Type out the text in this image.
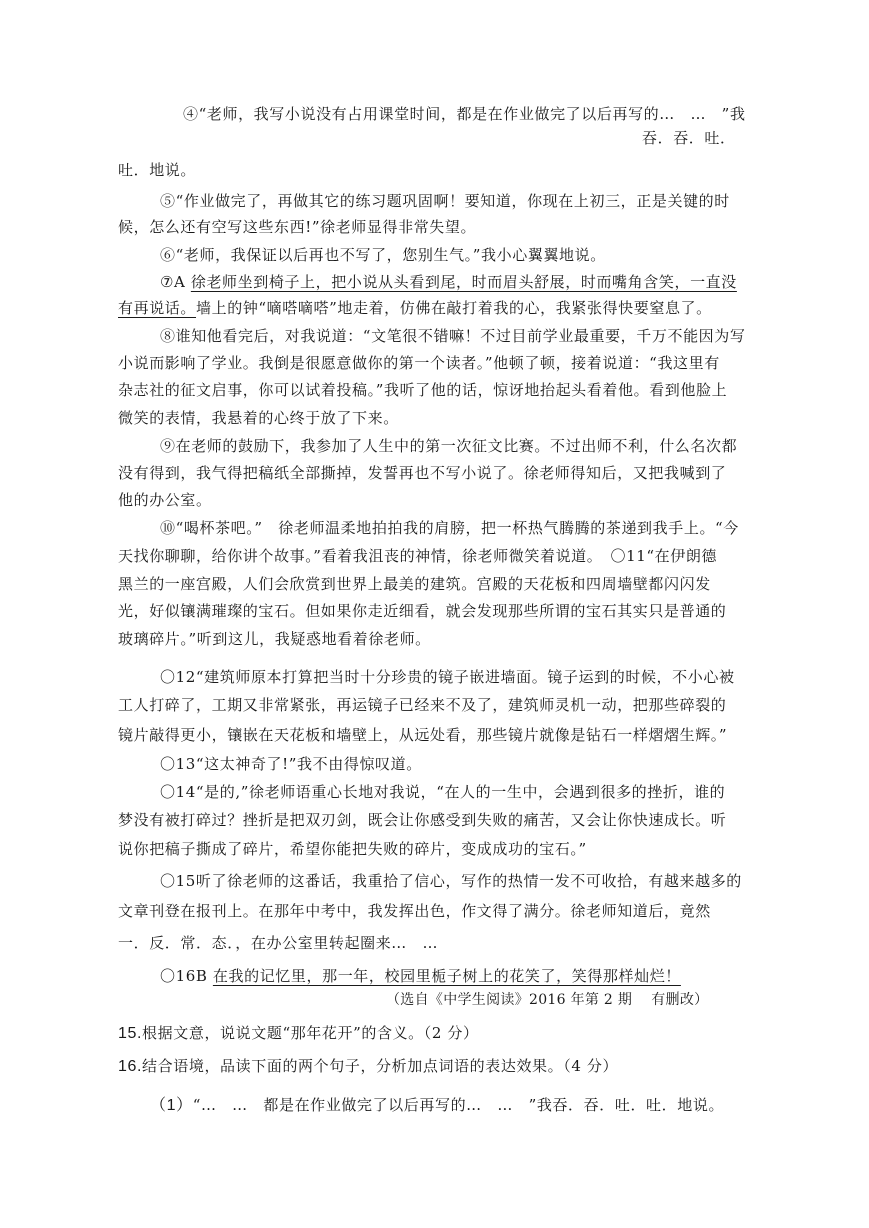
④“老师，我写小说没有占用课堂时间，都是在作业做完了以后再写的…　…　”我
吞．吞．吐．
吐．地说。
⑤“作业做完了，再做其它的练习题巩固啊！要知道，你现在上初三，正是关键的时
候，怎么还有空写这些东西!”徐老师显得非常失望。
⑥“老师，我保证以后再也不写了，您别生气。”我小心翼翼地说。
⑦A 徐老师坐到椅子上，把小说从头看到尾，时而眉头舒展，时而嘴角含笑，一直没
有再说话。墙上的钟“嘀嗒嘀嗒”地走着，仿佛在敲打着我的心，我紧张得快要窒息了。
⑧谁知他看完后，对我说道：“文笔很不错嘛！不过目前学业最重要，千万不能因为写
小说而影响了学业。我倒是很愿意做你的第一个读者。”他顿了顿，接着说道：“我这里有
杂志社的征文启事，你可以试着投稿。”我听了他的话，惊讶地抬起头看着他。看到他脸上
微笑的表情，我悬着的心终于放了下来。
⑨在老师的鼓励下，我参加了人生中的第一次征文比赛。不过出师不利，什么名次都
没有得到，我气得把稿纸全部撕掉，发誓再也不写小说了。徐老师得知后，又把我喊到了
他的办公室。
⑩“喝杯茶吧。”　徐老师温柔地拍拍我的肩膀，把一杯热气腾腾的茶递到我手上。“今
天找你聊聊，给你讲个故事。”看着我沮丧的神情，徐老师微笑着说道。　〇11“在伊朗德
黑兰的一座宫殿，人们会欣赏到世界上最美的建筑。宫殿的天花板和四周墙壁都闪闪发
光，好似镶满璀璨的宝石。但如果你走近细看，就会发现那些所谓的宝石其实只是普通的
玻璃碎片。”听到这儿，我疑惑地看着徐老师。
〇12“建筑师原本打算把当时十分珍贵的镜子嵌进墙面。镜子运到的时候，不小心被
工人打碎了，工期又非常紧张，再运镜子已经来不及了，建筑师灵机一动，把那些碎裂的
镜片敲得更小，镶嵌在天花板和墙壁上，从远处看，那些镜片就像是钻石一样熠熠生辉。”
〇13“这太神奇了!”我不由得惊叹道。
〇14“是的,”徐老师语重心长地对我说，“在人的一生中，会遇到很多的挫折，谁的
梦没有被打碎过？挫折是把双刃剑，既会让你感受到失败的痛苦，又会让你快速成长。听
说你把稿子撕成了碎片，希望你能把失败的碎片，变成成功的宝石。”
〇15听了徐老师的这番话，我重拾了信心，写作的热情一发不可收拾，有越来越多的
文章刊登在报刊上。在那年中考中，我发挥出色，作文得了满分。徐老师知道后，竟然
一．反．常．态．，在办公室里转起圈来…　…
〇16B 在我的记忆里，那一年，校园里栀子树上的花笑了，笑得那样灿烂！
（选自《中学生阅读》2016 年第 2 期　 有删改）
15.根据文意，说说文题“那年花开”的含义。（2 分）
16.结合语境，品读下面的两个句子，分析加点词语的表达效果。（4 分）
（1）“…　…　都是在作业做完了以后再写的…　…　”我吞．吞．吐．吐．地说。
